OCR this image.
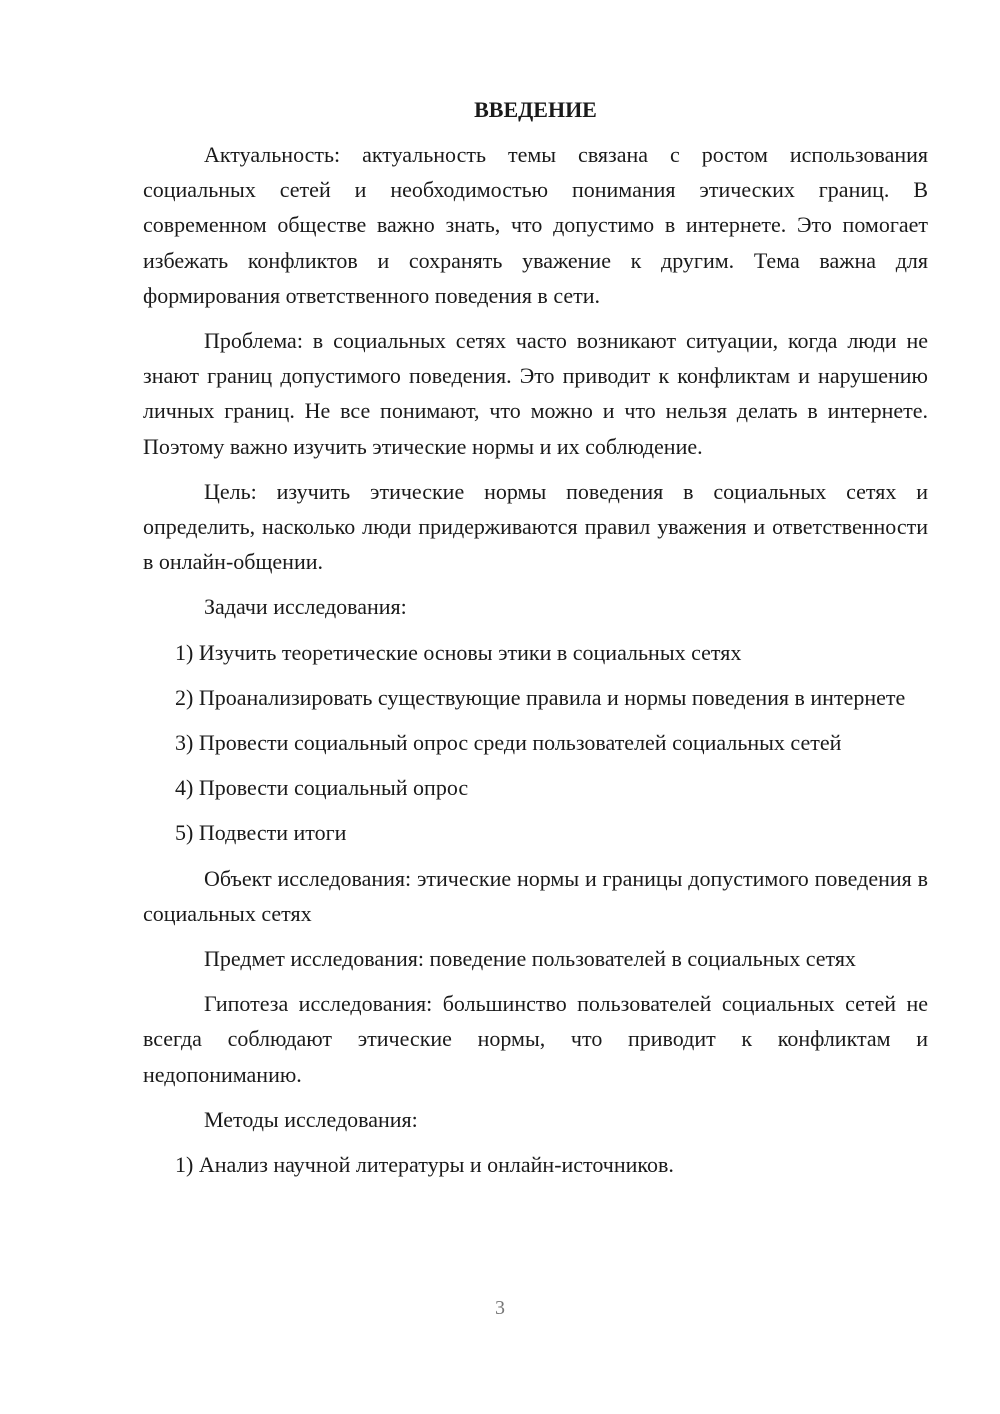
ВВЕДЕНИЕ

Актуальность: актуальность темы связана с ростом использования социальных сетей и необходимостью понимания этических границ. В современном обществе важно знать, что допустимо в интернете. Это помогает избежать конфликтов и сохранять уважение к другим. Тема важна для формирования ответственного поведения в сети.

Проблема: в социальных сетях часто возникают ситуации, когда люди не знают границ допустимого поведения. Это приводит к конфликтам и нарушению личных границ. Не все понимают, что можно и что нельзя делать в интернете. Поэтому важно изучить этические нормы и их соблюдение.

Цель: изучить этические нормы поведения в социальных сетях и определить, насколько люди придерживаются правил уважения и ответственности в онлайн-общении.

Задачи исследования:

1) Изучить теоретические основы этики в социальных сетях

2) Проанализировать существующие правила и нормы поведения в интернете

3) Провести социальный опрос среди пользователей социальных сетей

4) Провести социальный опрос

5) Подвести итоги

Объект исследования: этические нормы и границы допустимого поведения в социальных сетях

Предмет исследования: поведение пользователей в социальных сетях

Гипотеза исследования: большинство пользователей социальных сетей не всегда соблюдают этические нормы, что приводит к конфликтам и недопониманию.

Методы исследования:

1) Анализ научной литературы и онлайн-источников.

3
